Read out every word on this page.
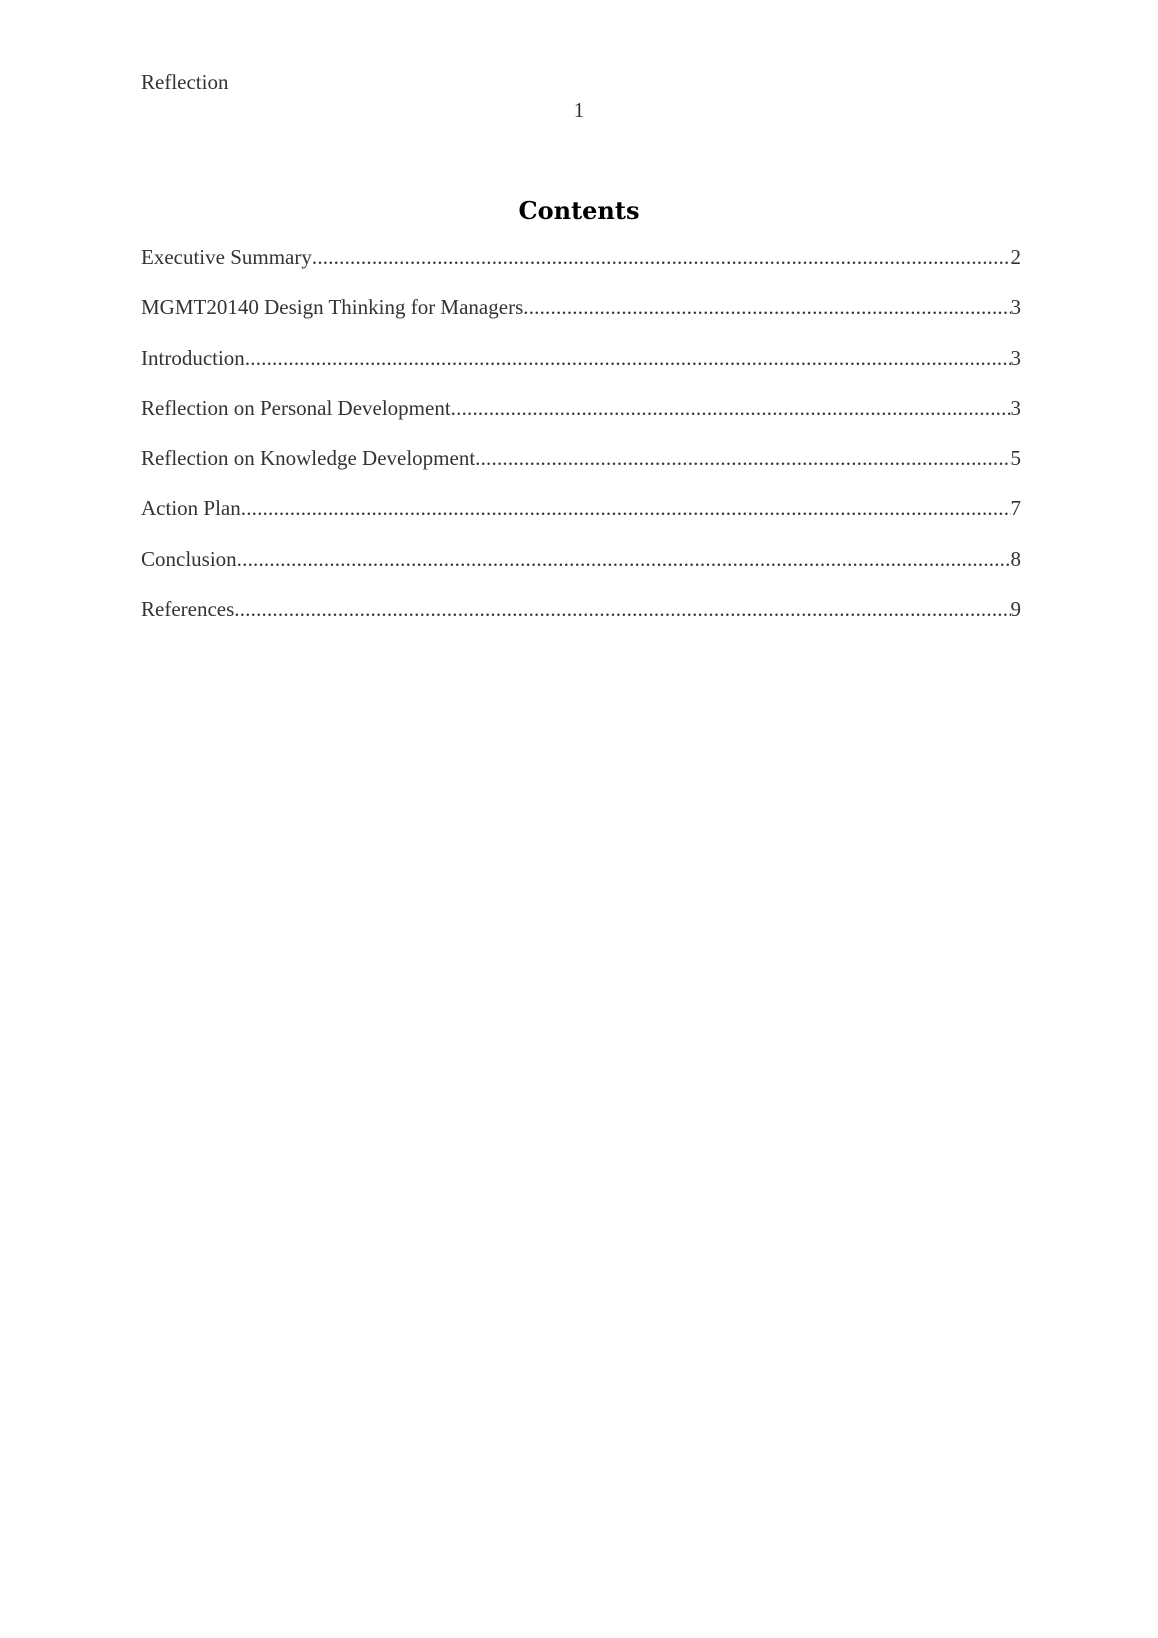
Reflection
1
Contents
Executive Summary .....	2
MGMT20140 Design Thinking for Managers .....	3
Introduction .....	3
Reflection on Personal Development .....	3
Reflection on Knowledge Development .....	5
Action Plan .....	7
Conclusion .....	8
References .....	9
